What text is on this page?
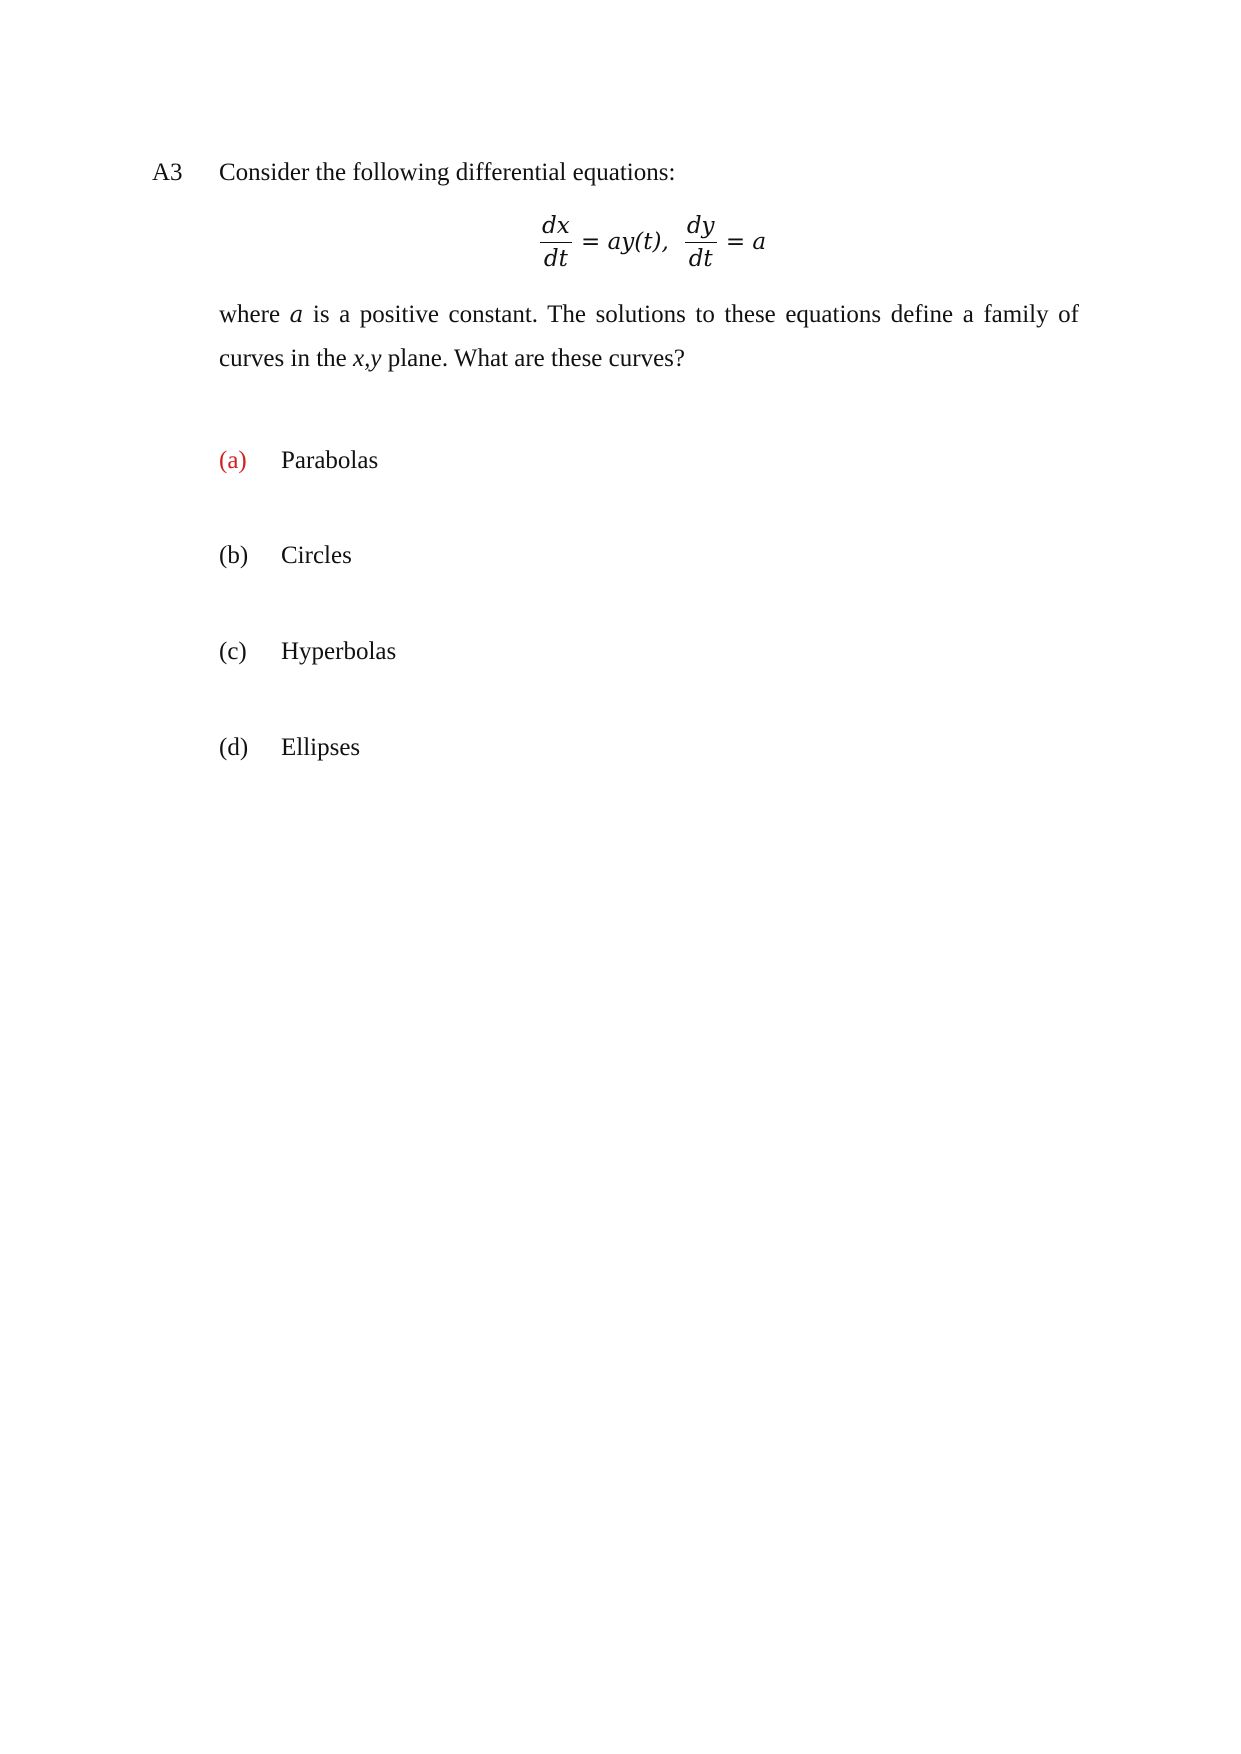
A3 Consider the following differential equations:
$\frac{dx}{dt} = ay(t)$, $\frac{dy}{dt} = a$
where a is a positive constant. The solutions to these equations define a family of
curves in the x,y plane. What are these curves?
(a) Parabolas
(b) Circles
(c) Hyperbolas
(d) Ellipses
